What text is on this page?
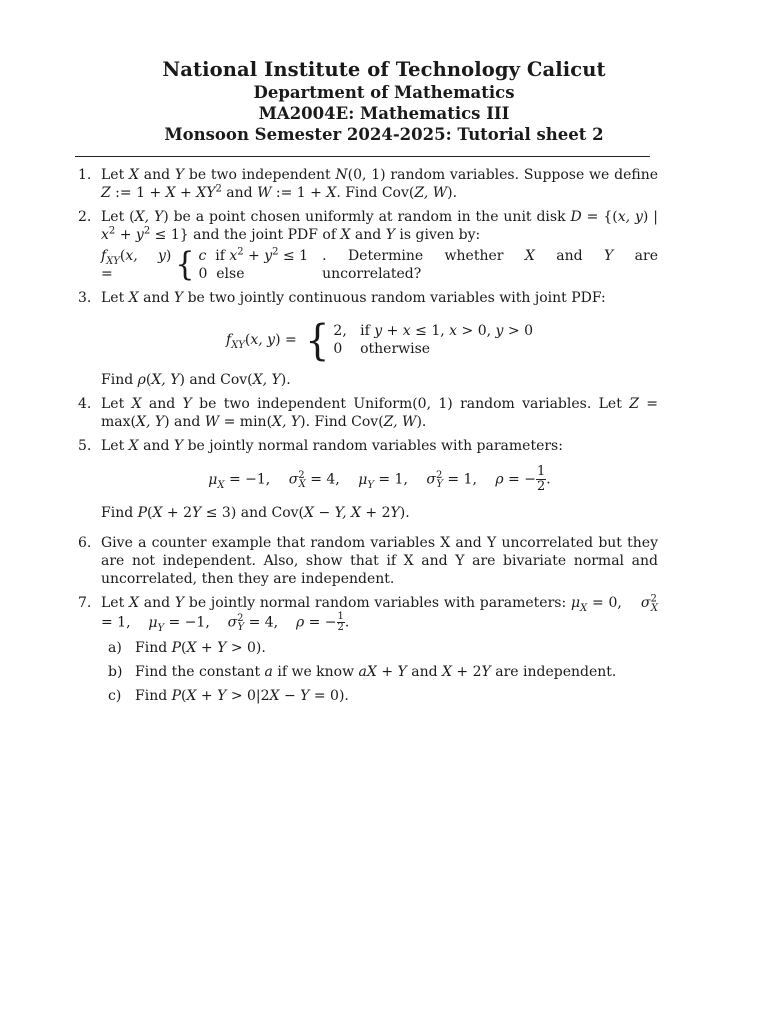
National Institute of Technology Calicut
Department of Mathematics
MA2004E: Mathematics III
Monsoon Semester 2024-2025: Tutorial sheet 2
1. Let X and Y be two independent N(0, 1) random variables. Suppose we define Z := $1 + X + XY^2$ and W := 1 + X. Find Cov(Z, W).
2. Let (X, Y) be a point chosen uniformly at random in the unit disk D = {(x, y) | $x^2 + y^2 \le 1$} and the joint PDF of X and Y is given by:

$f_{XY}(x$, y) =	{ c  if $x^2 + y^2 \le 1$
0  else
. Determine whether X and Y are uncorrelated?
3. Let X and Y be two jointly continuous random variables with joint PDF:

$f_{XY}(x$, y) = { 2,   if y + x ≤ 1, x > 0, y > 0
0    otherwise

Find ρ(X, Y) and Cov(X, Y).

4. Let X and Y be two independent Uniform(0, 1) random variables. Let Z = max(X, Y) and W = min(X, Y). Find Cov(Z, W).
5. Let X and Y be jointly normal random variables with parameters:

$\mu_X = -1$, $\sigma^2_X = 4$, $\mu_Y = 1$, $\sigma^2_Y = 1$, ρ = − $\frac{1}{2}$ .

Find P(X + 2Y ≤ 3) and Cov(X − Y, X + 2Y).

6. Give a counter example that random variables X and Y uncorrelated but they are not independent. Also, show that if X and Y are bivariate normal and uncorrelated, then they are independent.
7. Let X and Y be jointly normal random variables with parameters: $\mu_X = 0$,    $\sigma^2_X = 1$,    $\mu_Y = -1$,    $\sigma^2_Y = 4$,    ρ = − $\frac{1}{2}$ .
a) Find P(X + Y > 0).
b) Find the constant a if we know aX + Y and X + 2Y are independent.
c) Find P(X + Y > 0|2X − Y = 0).
